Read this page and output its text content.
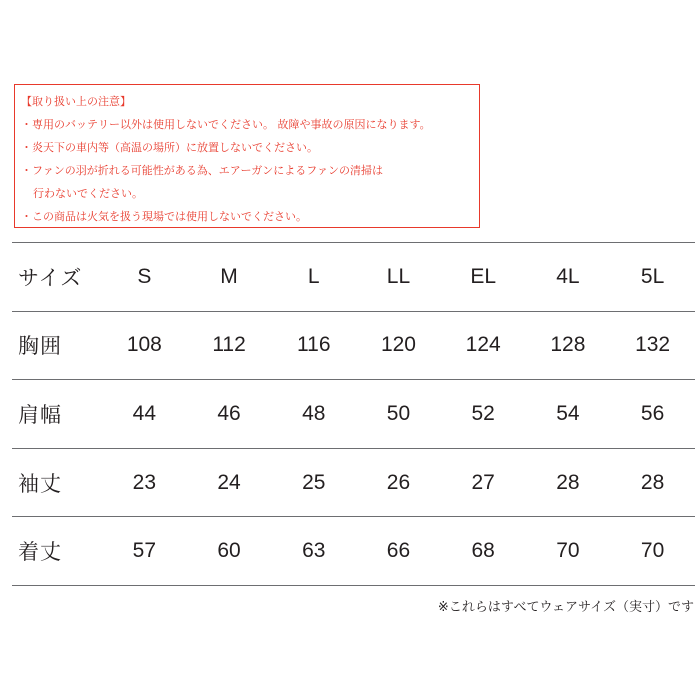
【取り扱い上の注意】
・専用のバッテリー以外は使用しないでください。 故障や事故の原因になります。
・炎天下の車内等（高温の場所）に放置しないでください。
・ファンの羽が折れる可能性がある為、エアーガンによるファンの清掃は
行わないでください。
・この商品は火気を扱う現場では使用しないでください。
サイズ	S	M	L	LL	EL	4L	5L
胸囲	108	112	116	120	124	128	132
肩幅	44	46	48	50	52	54	56
袖丈	23	24	25	26	27	28	28
着丈	57	60	63	66	68	70	70
※これらはすべてウェアサイズ（実寸）です
